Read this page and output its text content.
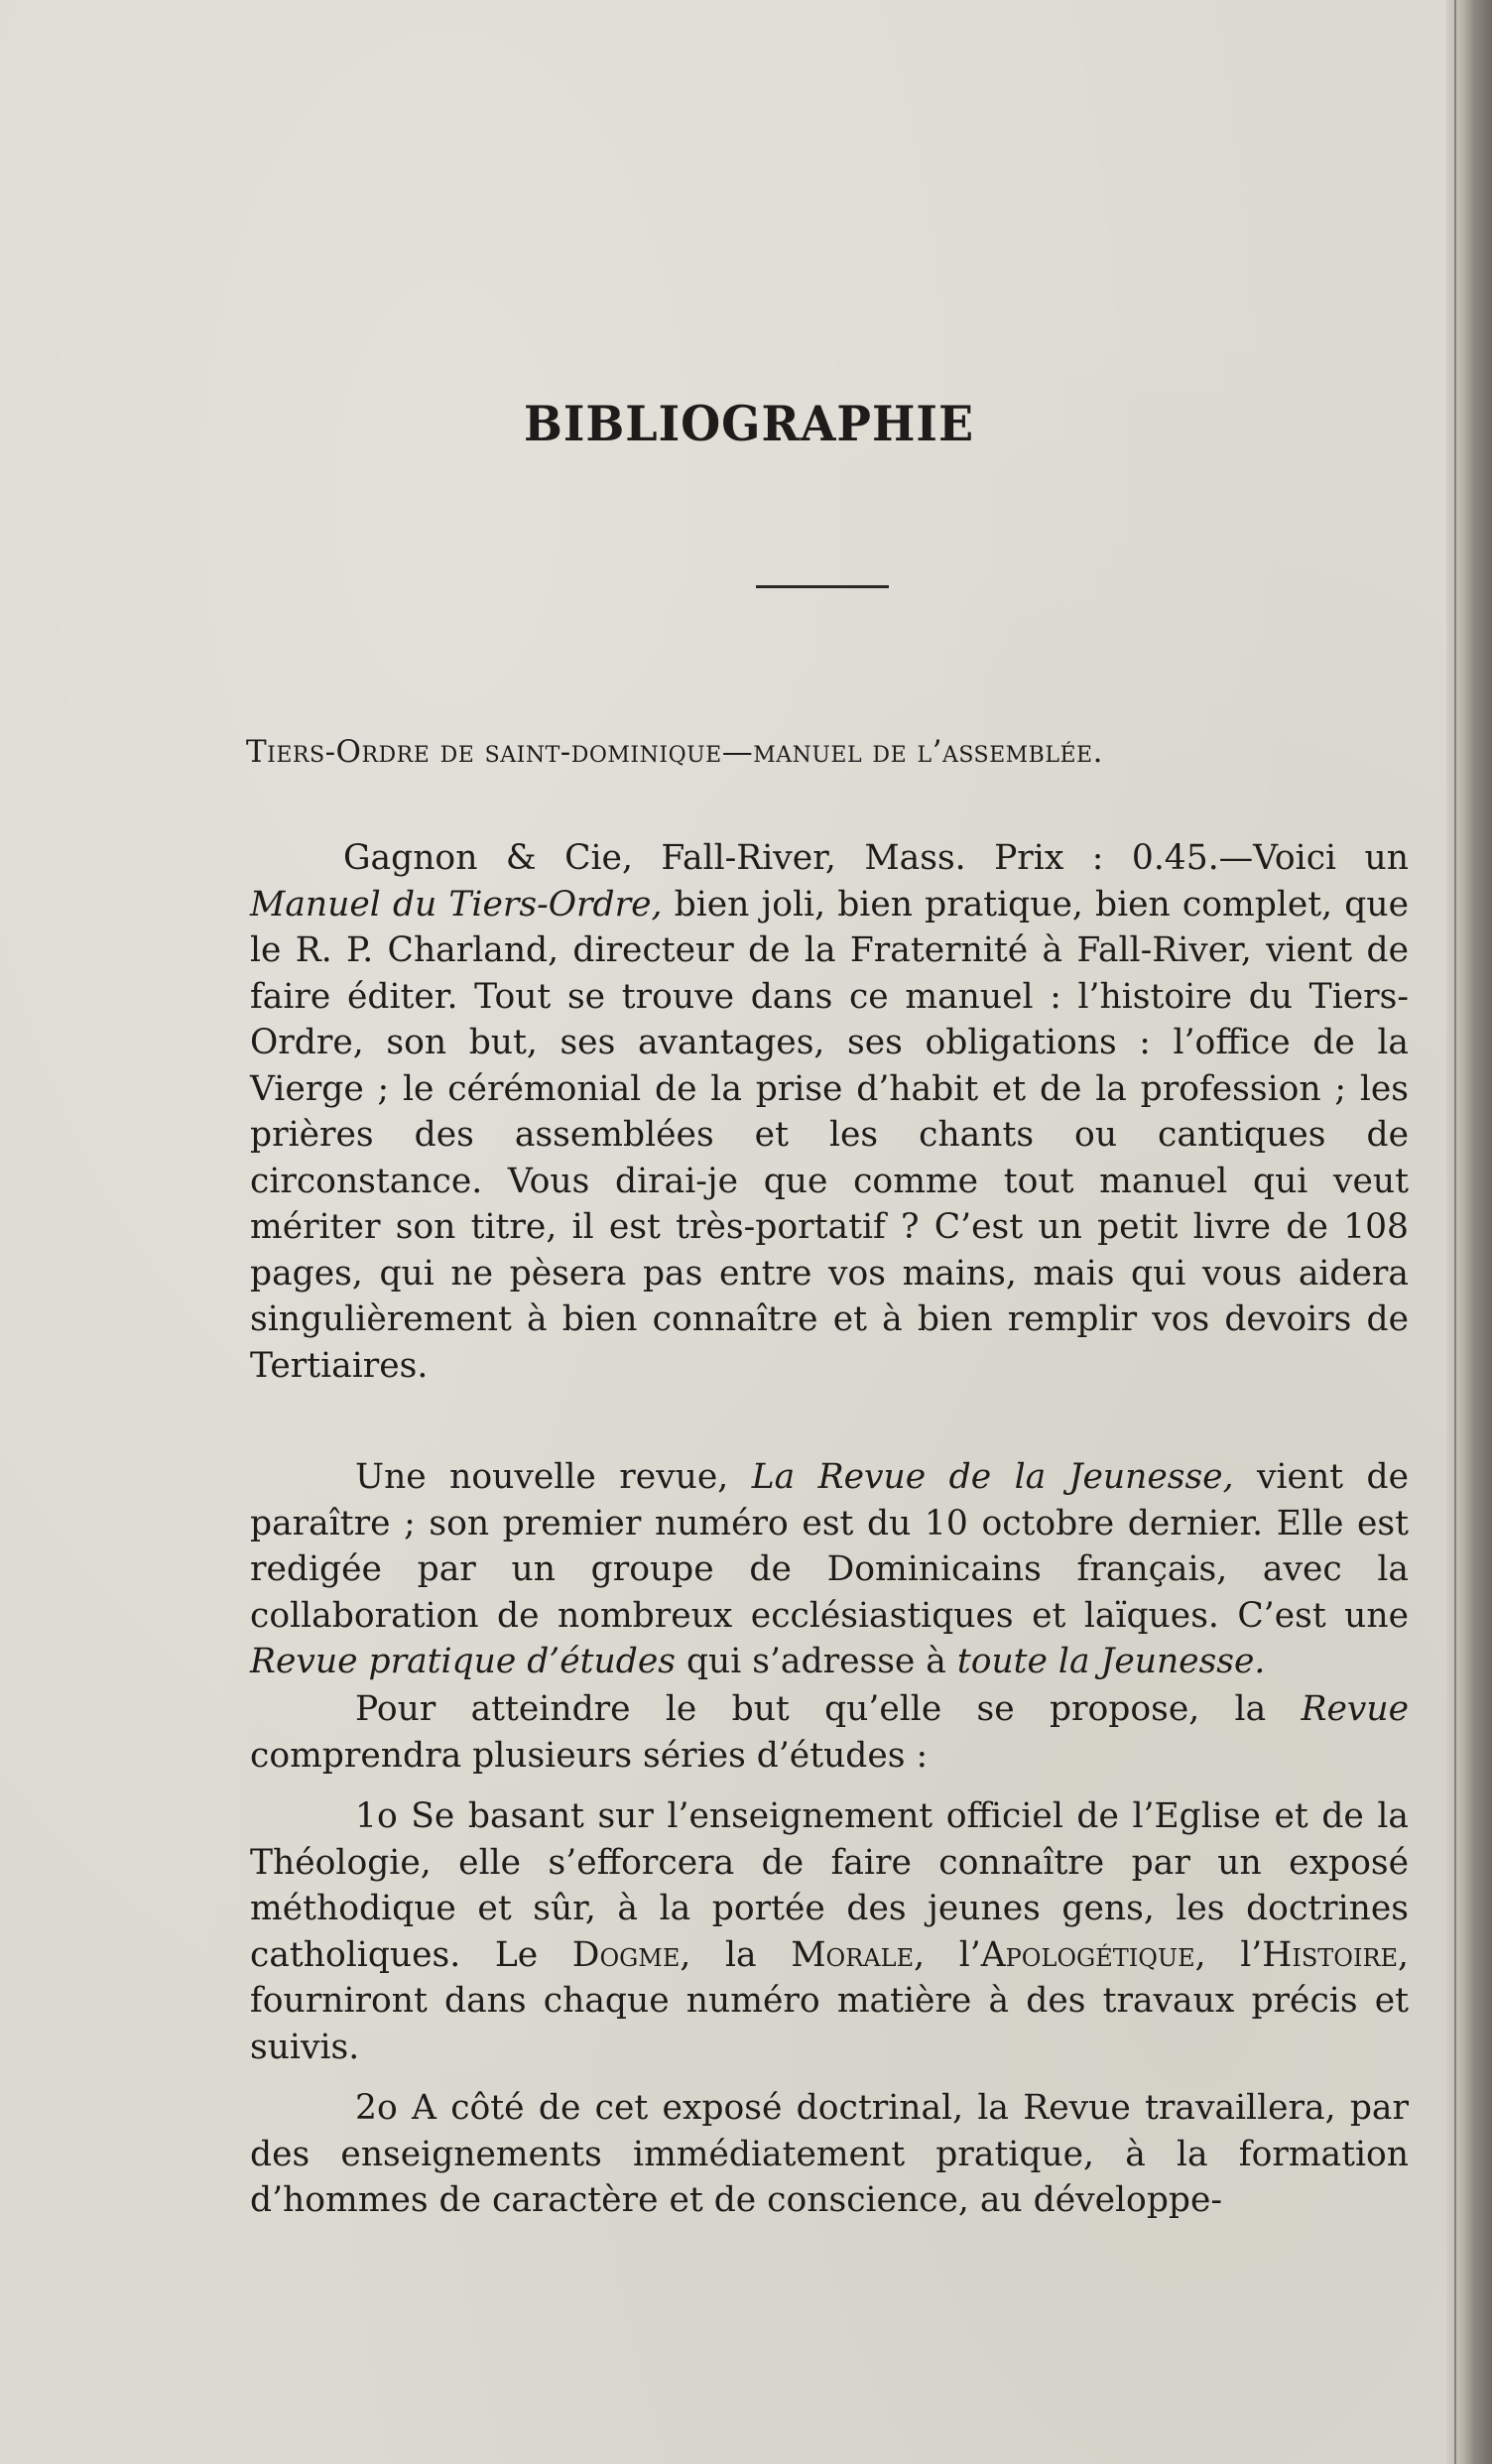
BIBLIOGRAPHIE
Tiers-Ordre de saint-dominique—manuel de l’assemblée.

Gagnon & Cie, Fall-River, Mass. Prix : 0.45.—Voici un Manuel du Tiers-Ordre, bien joli, bien pratique, bien complet, que le R. P. Charland, directeur de la Fraternité à Fall-River, vient de faire éditer. Tout se trouve dans ce manuel : l’histoire du Tiers-Ordre, son but, ses avantages, ses obligations : l’office de la Vierge ; le cérémonial de la prise d’habit et de la profession ; les prières des assemblées et les chants ou cantiques de circonstance. Vous dirai-je que comme tout manuel qui veut mériter son titre, il est très-portatif ? C’est un petit livre de 108 pages, qui ne pèsera pas entre vos mains, mais qui vous aidera singulièrement à bien connaître et à bien remplir vos devoirs de Tertiaires.

Une nouvelle revue, La Revue de la Jeunesse, vient de paraître ; son premier numéro est du 10 octobre dernier. Elle est redigée par un groupe de Dominicains français, avec la collaboration de nombreux ecclésiastiques et laïques. C’est une Revue pratique d’études qui s’adresse à toute la Jeunesse.

Pour atteindre le but qu’elle se propose, la Revue comprendra plusieurs séries d’études :

1o Se basant sur l’enseignement officiel de l’Eglise et de la Théologie, elle s’efforcera de faire connaître par un exposé méthodique et sûr, à la portée des jeunes gens, les doctrines catholiques. Le Dogme, la Morale, l’Apologétique, l’Histoire, fourniront dans chaque numéro matière à des travaux précis et suivis.

2o A côté de cet exposé doctrinal, la Revue travaillera, par des enseignements immédiatement pratique, à la formation d’hommes de caractère et de conscience, au développe-
